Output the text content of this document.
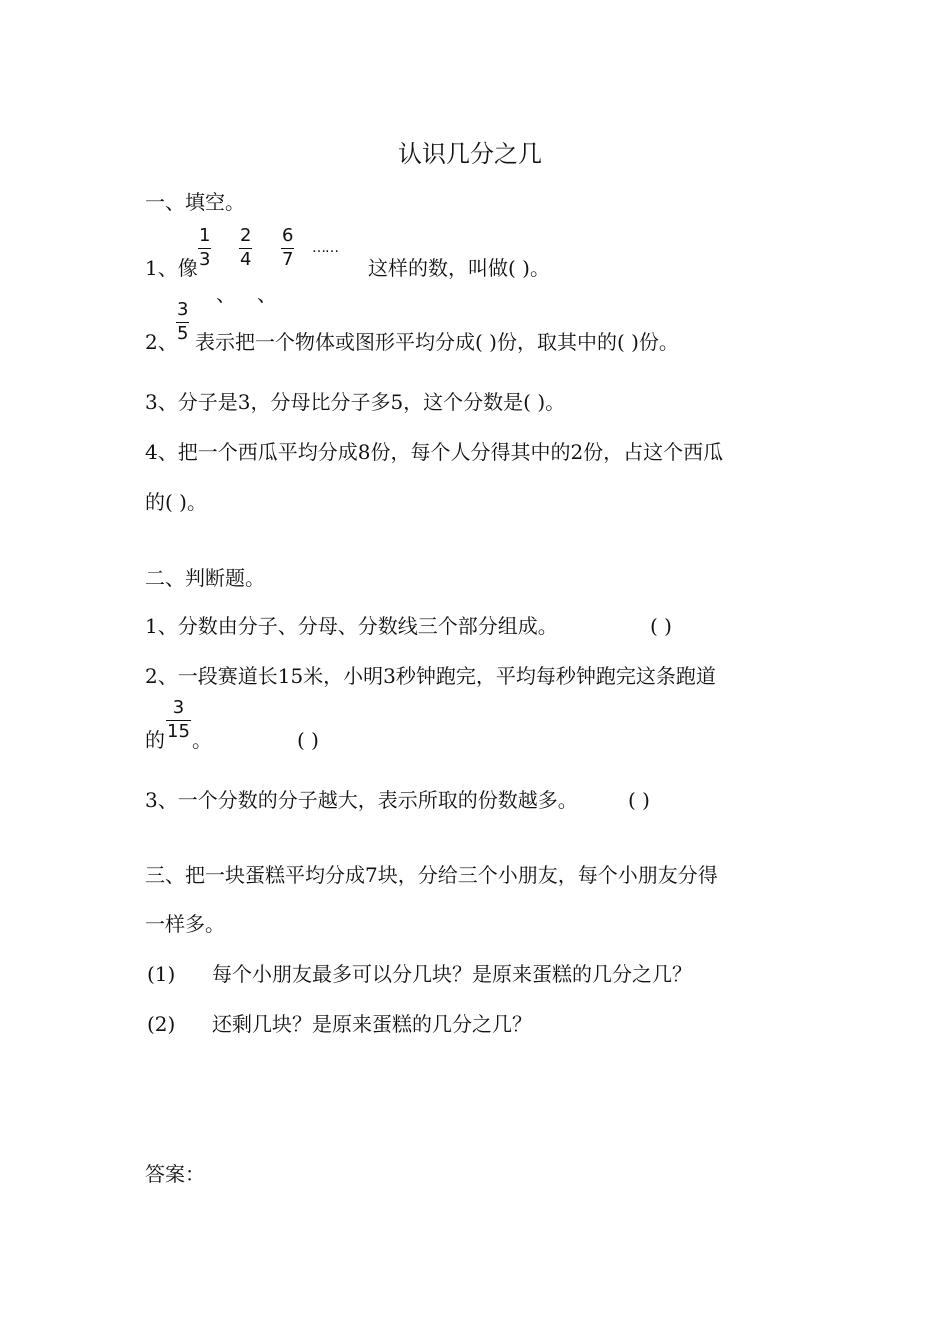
认识几分之几
一、填空。
1、像
1
3
2
4
6
7
……
、 、
这样的数，叫做( )。
2、
3
5 表示把一个物体或图形平均分成( )份，取其中的( )份。
3、分子是3，分母比分子多5，这个分数是( )。
4、把一个西瓜平均分成8份，每个人分得其中的2份，占这个西瓜
的( )。
二、判断题。
1、分数由分子、分母、分数线三个部分组成。	( )
2、一段赛道长15米，小明3秒钟跑完，平均每秒钟跑完这条跑道
的
3
15 。	( )
3、一个分数的分子越大，表示所取的份数越多。	( )
三、把一块蛋糕平均分成7块，分给三个小朋友，每个小朋友分得
一样多。
(1) 每个小朋友最多可以分几块？是原来蛋糕的几分之几？
(2) 还剩几块？是原来蛋糕的几分之几？
答案：
